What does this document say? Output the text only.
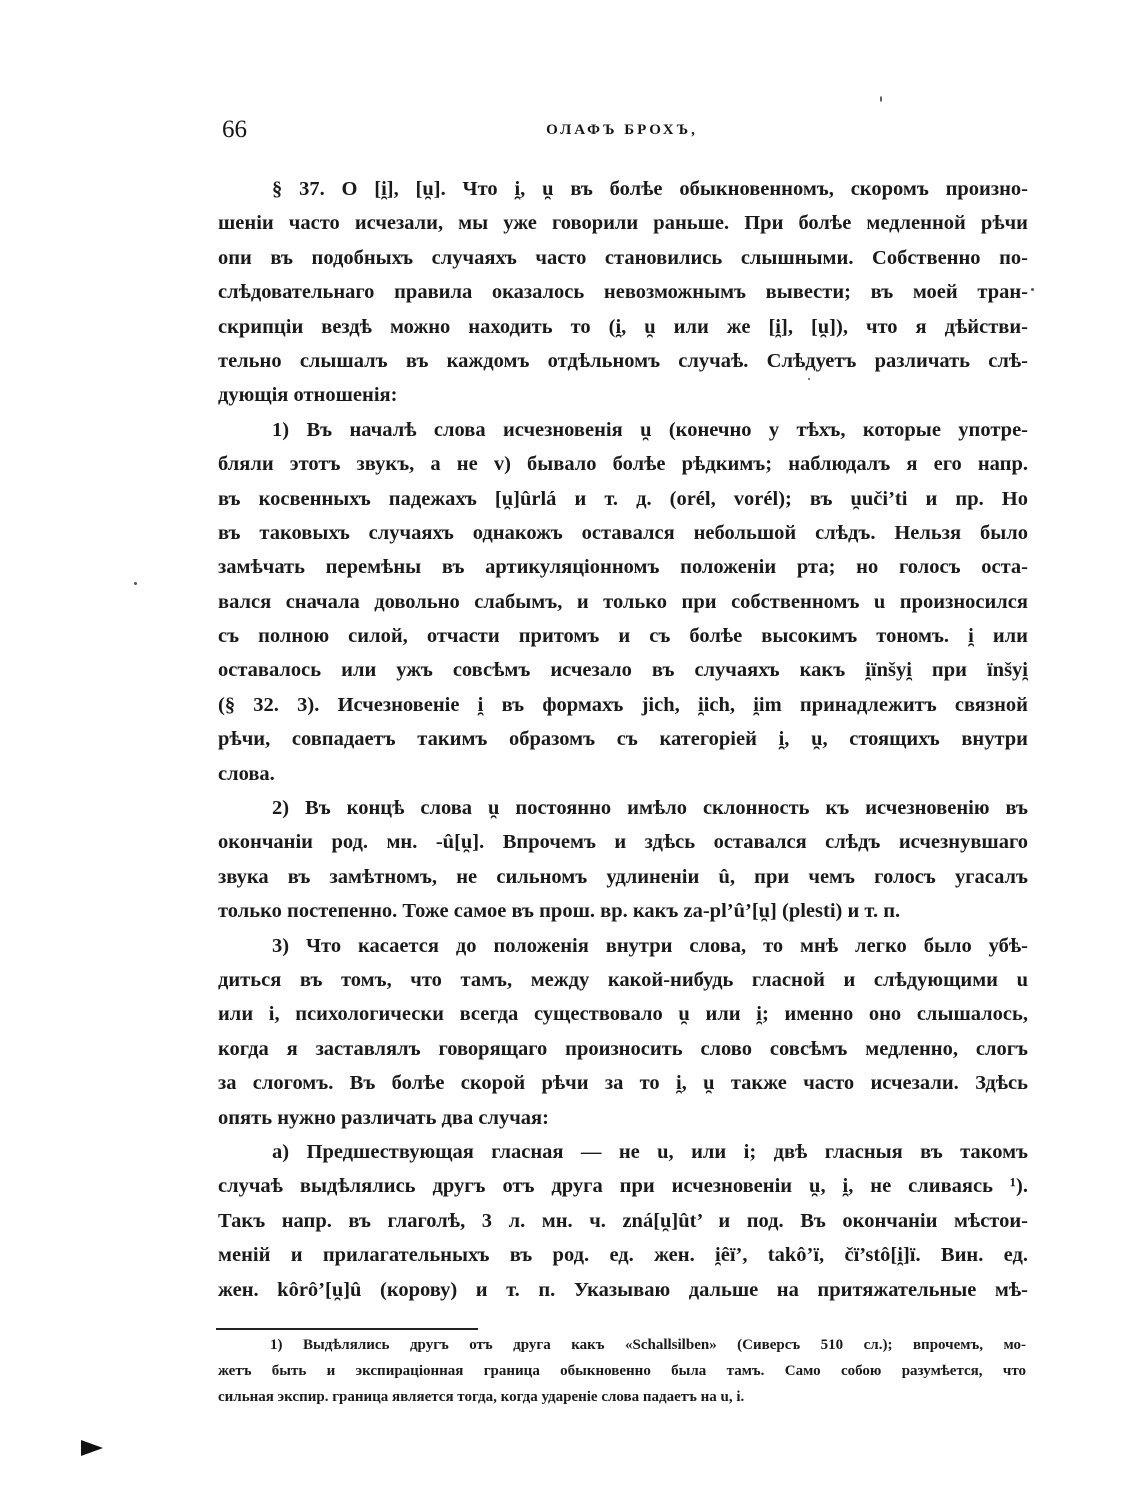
66	ОЛАФЪ БРОХЪ,
§ 37. О [i̯], [u̯]. Что i̯, u̯ въ болѣе обыкновенномъ, скоромъ произно-
шеніи часто исчезали, мы уже говорили раньше. При болѣе медленной рѣчи
опи въ подобныхъ случаяхъ часто становились слышными. Собственно по-
слѣдовательнаго правила оказалось невозможнымъ вывести; въ моей тран-
скрипціи вездѣ можно находить то (i̯, u̯ или же [i̯], [u̯]), что я дѣйстви-
тельно слышалъ въ каждомъ отдѣльномъ случаѣ. Слѣдуетъ различать слѣ-
дующія отношенія:
1) Въ началѣ слова исчезновенія u̯ (конечно у тѣхъ, которые употре-
бляли этотъ звукъ, а не v) бывало болѣе рѣдкимъ; наблюдалъ я его напр.
въ косвенныхъ падежахъ [u̯]ûrlá и т. д. (orél, vorél); въ u̯uči’ti и пр. Но
въ таковыхъ случаяхъ однакожъ оставался небольшой слѣдъ. Нельзя было
замѣчать перемѣны въ артикуляціонномъ положеніи рта; но голосъ оста-
вался сначала довольно слабымъ, и только при собственномъ u произносился
съ полною силой, отчасти притомъ и съ болѣе высокимъ тономъ. i̯ или
оставалось или ужъ совсѣмъ исчезало въ случаяхъ какъ i̯ïnšyi̯ при ïnšyi̯
(§ 32. 3). Исчезновеніе i̯ въ формахъ jich, i̯ich, i̯im принадлежитъ связной
рѣчи, совпадаетъ такимъ образомъ съ категоріей i̯, u̯, стоящихъ внутри
слова.
2) Въ концѣ слова u̯ постоянно имѣло склонность къ исчезновенію въ
окончаніи род. мн. -û[u̯]. Впрочемъ и здѣсь оставался слѣдъ исчезнувшаго
звука въ замѣтномъ, не сильномъ удлиненіи û, при чемъ голосъ угасалъ
только постепенно. Тоже самое въ прош. вр. какъ za-pl’û’[u̯] (plesti) и т. п.
3) Что касается до положенія внутри слова, то мнѣ легко было убѣ-
диться въ томъ, что тамъ, между какой-нибудь гласной и слѣдующими u
или i, психологически всегда существовало u̯ или i̯; именно оно слышалось,
когда я заставлялъ говорящаго произносить слово совсѣмъ медленно, слогъ
за слогомъ. Въ болѣе скорой рѣчи за то i̯, u̯ также часто исчезали. Здѣсь
опять нужно различать два случая:
а) Предшествующая гласная — не u, или i; двѣ гласныя въ такомъ
случаѣ выдѣлялись другъ отъ друга при исчезновеніи u̯, i̯, не сливаясь ¹).
Такъ напр. въ глаголѣ, 3 л. мн. ч. zná[u̯]ût’ и под. Въ окончаніи мѣстои-
меній и прилагательныхъ въ род. ед. жен. i̯êï’, takô’ï, čï’stô[i̯]ï. Вин. ед.
жен. kôrô’[u̯]û (корову) и т. п. Указываю дальше на притяжательные мѣ-
1) Выдѣлялись другъ отъ друга какъ «Schallsilben» (Сиверсъ 510 сл.); впрочемъ, мо-
жетъ быть и экспираціонная граница обыкновенно была тамъ. Само собою разумѣется, что
сильная экспир. граница является тогда, когда удареніе слова падаетъ на u, i.
